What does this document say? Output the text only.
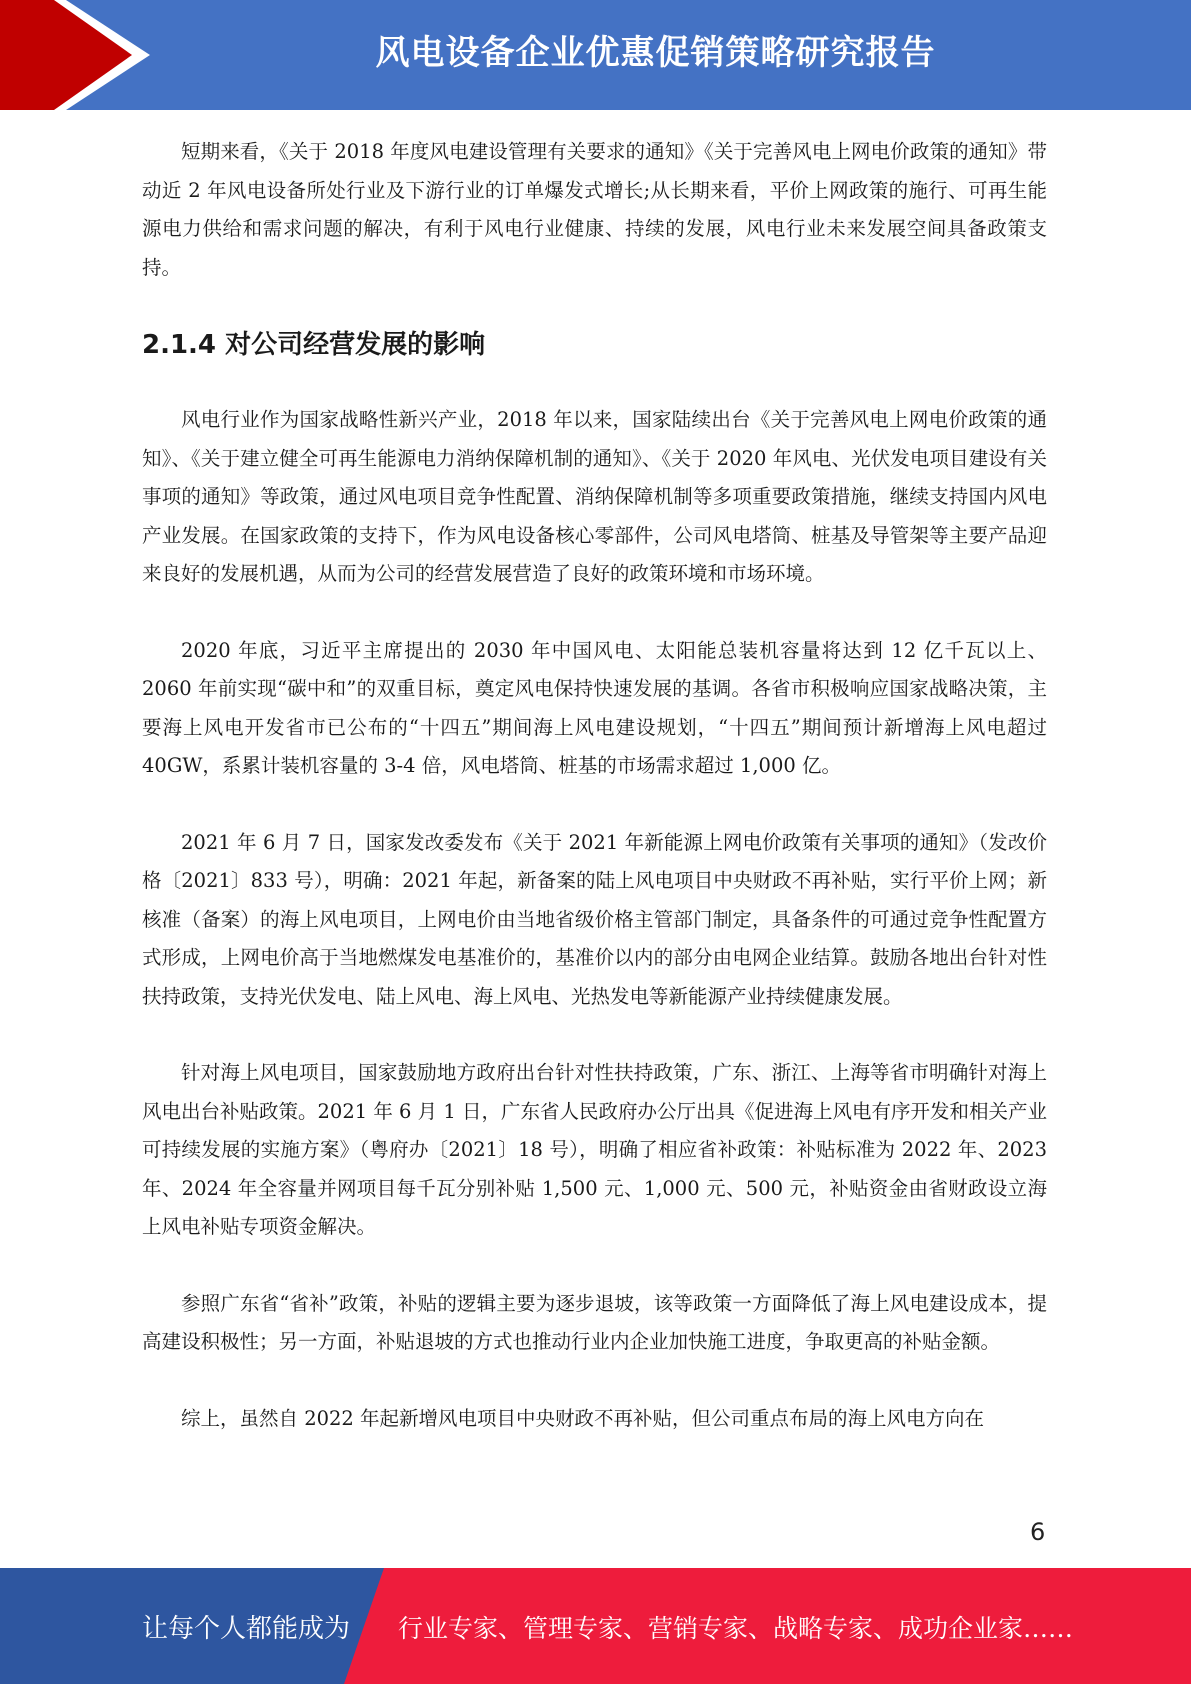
风电设备企业优惠促销策略研究报告

短期来看，《关于 2018 年度风电建设管理有关要求的通知》《关于完善风电上网电价政策的通知》带动近 2 年风电设备所处行业及下游行业的订单爆发式增长;从长期来看，平价上网政策的施行、可再生能源电力供给和需求问题的解决，有利于风电行业健康、持续的发展，风电行业未来发展空间具备政策支持。

2.1.4 对公司经营发展的影响

风电行业作为国家战略性新兴产业，2018 年以来，国家陆续出台《关于完善风电上网电价政策的通知》、《关于建立健全可再生能源电力消纳保障机制的通知》、《关于 2020 年风电、光伏发电项目建设有关事项的通知》等政策，通过风电项目竞争性配置、消纳保障机制等多项重要政策措施，继续支持国内风电产业发展。在国家政策的支持下，作为风电设备核心零部件，公司风电塔筒、桩基及导管架等主要产品迎来良好的发展机遇，从而为公司的经营发展营造了良好的政策环境和市场环境。

2020 年底，习近平主席提出的 2030 年中国风电、太阳能总装机容量将达到 12 亿千瓦以上、2060 年前实现“碳中和”的双重目标，奠定风电保持快速发展的基调。各省市积极响应国家战略决策，主要海上风电开发省市已公布的“十四五”期间海上风电建设规划，“十四五”期间预计新增海上风电超过 40GW，系累计装机容量的 3-4 倍，风电塔筒、桩基的市场需求超过 1,000 亿。

2021 年 6 月 7 日，国家发改委发布《关于 2021 年新能源上网电价政策有关事项的通知》（发改价格〔2021〕833 号），明确：2021 年起，新备案的陆上风电项目中央财政不再补贴，实行平价上网；新核准（备案）的海上风电项目，上网电价由当地省级价格主管部门制定，具备条件的可通过竞争性配置方式形成，上网电价高于当地燃煤发电基准价的，基准价以内的部分由电网企业结算。鼓励各地出台针对性扶持政策，支持光伏发电、陆上风电、海上风电、光热发电等新能源产业持续健康发展。

针对海上风电项目，国家鼓励地方政府出台针对性扶持政策，广东、浙江、上海等省市明确针对海上风电出台补贴政策。2021 年 6 月 1 日，广东省人民政府办公厅出具《促进海上风电有序开发和相关产业可持续发展的实施方案》（粤府办〔2021〕18 号），明确了相应省补政策：补贴标准为 2022 年、2023 年、2024 年全容量并网项目每千瓦分别补贴 1,500 元、1,000 元、500 元，补贴资金由省财政设立海上风电补贴专项资金解决。

参照广东省“省补”政策，补贴的逻辑主要为逐步退坡，该等政策一方面降低了海上风电建设成本，提高建设积极性；另一方面，补贴退坡的方式也推动行业内企业加快施工进度，争取更高的补贴金额。

综上，虽然自 2022 年起新增风电项目中央财政不再补贴，但公司重点布局的海上风电方向在

6
让每个人都能成为 行业专家、管理专家、营销专家、战略专家、成功企业家……
